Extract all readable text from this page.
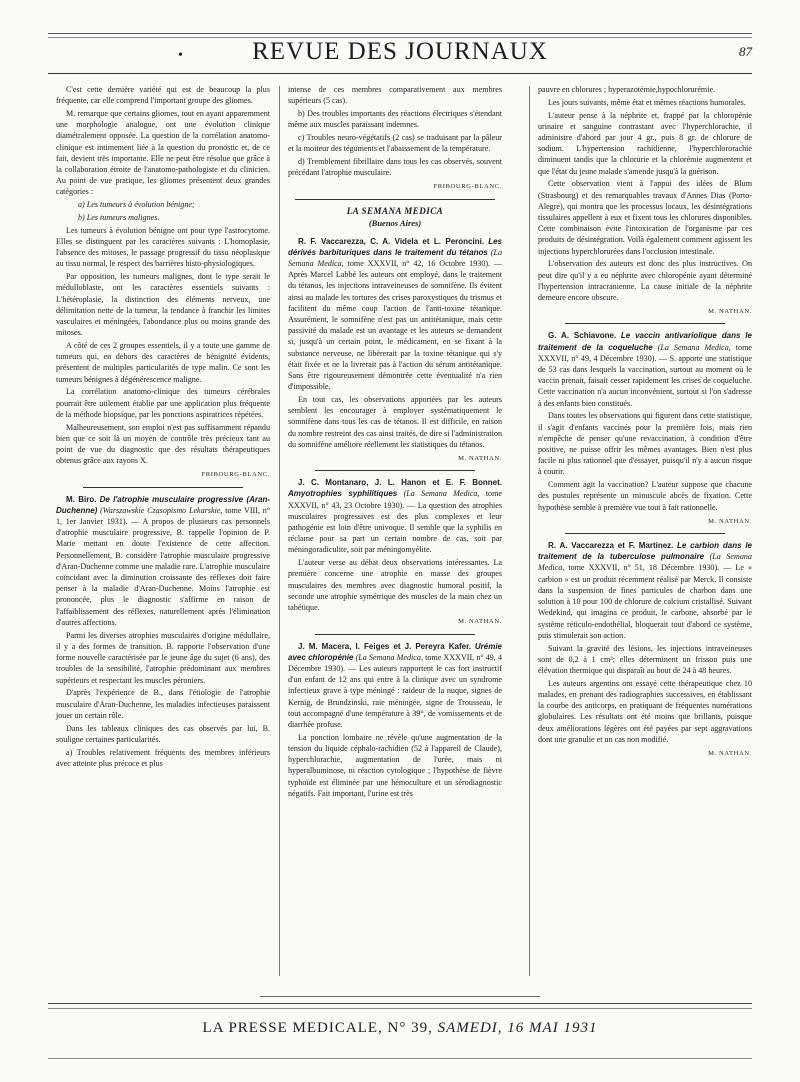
•	REVUE DES JOURNAUX	87

C'est cette dernière variété qui est de beaucoup la plus fréquente, car elle comprend l'important groupe des gliomes.

M. remarque que certains gliomes, tout en ayant apparemment une morphologie analogue, ont une évolution clinique diamétralement opposée. La question de la corrélation anatomo-clinique est intimement liée à la question du pronostic et, de ce fait, devient très importante. Elle ne peut être résolue que grâce à la collaboration étroite de l'anatomo-pathologiste et du clinicien. Au point de vue pratique, les gliomes présentent deux grandes catégories :

a) Les tumeurs à évolution bénigne;

b) Les tumeurs malignes.

Les tumeurs à évolution bénigne ont pour type l'astrocytome. Elles se distinguent par les caractères suivants : L'homoplasie, l'absence des mitoses, le passage progressif du tissu néoplasique au tissu normal, le respect des barrières histo-physiologiques.

Par opposition, les tumeurs malignes, dont le type serait le médulloblaste, ont les caractères essentiels suivants : L'hétéroplasie, la distinction des éléments nerveux, une délimitation nette de la tumeur, la tendance à franchir les limites vasculaires et méningées, l'abondance plus ou moins grande des mitoses.

A côté de ces 2 groupes essentiels, il y a toute une gamme de tumeurs qui, en dehors des caractères de bénignité évidents, présentent de multiples particularités de type malin. Ce sont les tumeurs bénignes à dégénérescence maligne.

La corrélation anatomo-clinique des tumeurs cérébrales pourrait être utilement établie par une application plus fréquente de la méthode biopsique, par les ponctions aspiratrices répétées.

Malheureusement, son emploi n'est pas suffisamment répandu bien que ce soit là un moyen de contrôle très précieux tant au point de vue du diagnostic que des résultats thérapeutiques obtenus grâce aux rayons X.

FRIBOURG-BLANC.

M. Biro. De l'atrophie musculaire progressive (Aran-Duchenne) (Warszawskie Czasopismo Lekarskie, tome VIII, n° 1, 1er Janvier 1931). — A propos de plusieurs cas personnels d'atrophie musculaire progressive, B. rappelle l'opinion de P. Marie mettant en doute l'existence de cette affection. Personnellement, B. considère l'atrophie musculaire progressive d'Aran-Duchenne comme une maladie rare. L'atrophie musculaire coïncidant avec la diminution croissante des réflexes doit faire penser à la maladie d'Aran-Duchenne. Moins l'atrophie est prononcée, plus le diagnostic s'affirme en raison de l'affaiblissement des réflexes, naturellement après l'élimination d'autres affections.

Parmi les diverses atrophies musculaires d'origine médullaire, il y a des formes de transition. B. rapporte l'observation d'une forme nouvelle caractérisée par le jeune âge du sujet (6 ans), des troubles de la sensibilité, l'atrophie prédominant aux membres supérieurs et respectant les muscles péroniers.

D'après l'expérience de B., dans l'étiologie de l'atrophie musculaire d'Aran-Duchenne, les maladies infectieuses paraissent jouer un certain rôle.

Dans les tableaux cliniques des cas observés par lui, B. souligne certaines particularités.

a) Troubles relativement fréquents des membres inférieurs avec atteinte plus précoce et plus

intense de ces membres comparativement aux membres supérieurs (5 cas).

b) Des troubles importants des réactions électriques s'étendant même aux muscles paraissant indemnes.

c) Troubles neuro-végétatifs (2 cas) se traduisant par la pâleur et la moiteur des téguments et l'abaissement de la température.

d) Tremblement fibrillaire dans tous les cas observés, souvent précédant l'atrophie musculaire.

FRIBOURG-BLANC.

LA SEMANA MEDICA

(Buenos Aires)

R. F. Vaccarezza, C. A. Videla et L. Peroncini. Les dérivés barbituriques dans le traitement du tétanos (La Semana Medica, tome XXXVII, n° 42, 16 Octobre 1930). — Après Marcel Labbé les auteurs ont employé, dans le traitement du tétanos, les injections intraveineuses de somnifène. Ils évitent ainsi au malade les tortures des crises paroxystiques du trismus et facilitent du même coup l'action de l'anti-toxine tétanique. Assurément, le somnifène n'est pas un antitétanique, mais cette passivité du malade est un avantage et les auteurs se demandent si, jusqu'à un certain point, le médicament, en se fixant à la substance nerveuse, ne libérerait par la toxine tétanique qui s'y était fixée et ne la livrerait pas à l'action du sérum antitétanique. Sans être rigoureusement démontrée cette éventualité n'a rien d'impossible.

En tout cas, les observations apportées par les auteurs semblent les encourager à employer systématiquement le somnifène dans tous les cas de tétanos. Il est difficile, en raison du nombre restreint des cas ainsi traités, de dire si l'administration du somnifène améliore réellement les statistiques du tétanos.

M. NATHAN.

J. C. Montanaro, J. L. Hanon et E. F. Bonnet. Amyotrophies syphilitiques (La Semana Medica, tome XXXVII, n° 43, 23 Octobre 1930). — La question des atrophies musculaires progressives est des plus complexes et leur pathogénie est loin d'être univoque. Il semble que la syphilis en réclame pour sa part un certain nombre de cas, soit par méningoradiculite, soit par méningomyélite.

L'auteur verse au débat deux observations intéressantes. La première concerne une atrophie en masse des groupes musculaires des membres avec diagnostic humoral positif, la seconde une atrophie symétrique des muscles de la main chez un tabétique.

M. NATHAN.

J. M. Macera, I. Feiges et J. Pereyra Kafer. Urémie avec chloropénie (La Semana Medica, tome XXXVII, n° 49, 4 Décembre 1930). — Les auteurs rapportent le cas fort instructif d'un enfant de 12 ans qui entre à la clinique avec un syndrome infectieux grave à type méningé : raideur de la nuque, signes de Kernig, de Brundzinski, raie méningée, signe de Trousseau, le tout accompagné d'une température à 39°, de vomissements et de diarrhée profuse.

La ponction lombaire ne révèle qu'une augmentation de la tension du liquide céphalo-rachidien (52 à l'appareil de Claude), hyperchlorachie, augmentation de l'urée, mais ni hyperalbuminose, ni réaction cytologique ; l'hypothèse de fièvre typhoïde est éliminée par une hémoculture et un sérodiagnostic négatifs. Fait important, l'urine est très

pauvre en chlorures ; hyperazotémie,hypochlorurémie.

Les jours suivants, même état et mêmes réactions humorales.

L'auteur pense à la néphrite et, frappé par la chloropénie urinaire et sanguine contrastant avec l'hyperchlorachie, il administre d'abord par jour 4 gr., puis 8 gr. de chlorure de sodium. L'hypertension rachidienne, l'hyperchlororachie diminuent tandis que la chlorurie et la chlorémie augmentent et que l'état du jeune malade s'amende jusqu'à la guérison.

Cette observation vient à l'appui des idées de Blum (Strasbourg) et des remarquables travaux d'Annes Dias (Porto-Alegre), qui montra que les processus locaux, les désintégrations tissulaires appellent à eux et fixent tous les chlorures disponibles. Cette combinaison évite l'intoxication de l'organisme par ces produits de désintégration. Voilà également comment agissent les injections hyperchlorurées dans l'occlusion intestinale.

L'observation des auteurs est donc des plus instructives. On peut dire qu'il y a eu néphrite avec chloropénie ayant déterminé l'hypertension intracranienne. La cause initiale de la néphrite demeure encore obscure.

M. NATHAN.

G. A. Schiavone. Le vaccin antivariolique dans le traitement de la coqueluche (La Semana Medica, tome XXXVII, n° 49, 4 Décembre 1930). — S. apporte une statistique de 53 cas dans lesquels la vaccination, surtout au moment où le vaccin prenait, faisait cesser rapidement les crises de coqueluche. Cette vaccination n'a aucun inconvénient, surtout si l'on s'adresse à des enfants bien constitués.

Dans toutes les observations qui figurent dans cette statistique, il s'agit d'enfants vaccinés pour la première fois, mais rien n'empêche de penser qu'une revaccination, à condition d'être positive, ne puisse offrir les mêmes avantages. Bien n'est plus facile ni plus rationnel que d'essayer, puisqu'il n'y a aucun risque à courir.

Comment agit la vaccination? L'auteur suppose que chacune des pustules représente un minuscule abcès de fixation. Cette hypothèse semble à première vue tout à fait rationnelle.

M. NATHAN.

R. A. Vaccarezza et F. Martinez. Le carbion dans le traitement de la tuberculose pulmonaire (La Semana Medica, tome XXXVII, n° 51, 18 Décembre 1930). — Le « carbion » est un produit récemment réalisé par Merck. Il consiste dans la suspension de fines particules de charbon dans une solution à 10 pour 100 de chlorure de calcium cristallisé. Suivant Wedekind, qui imagina ce produit, le carbone, absorbé par le système réticulo-endothélial, bloquerait tout d'abord ce système, puis stimulerait son action.

Suivant la gravité des lésions, les injections intraveineuses sont de 0,2 à 1 cm³; elles déterminent un frisson puis une élévation thermique qui disparaît au bout de 24 à 48 heures.

Les auteurs argentins ont essayé cette thérapeutique chez 10 malades, en prenant des radiographies successives, en établissant la courbe des anticorps, en pratiquant de fréquentes numérations globulaires. Les résultats ont été moins que brillants, puisque deux améliorations légères ont été payées par sept aggravations dont une granulie et un cas non modifié.

M. NATHAN.

LA PRESSE MEDICALE, N° 39, SAMEDI, 16 MAI 1931
